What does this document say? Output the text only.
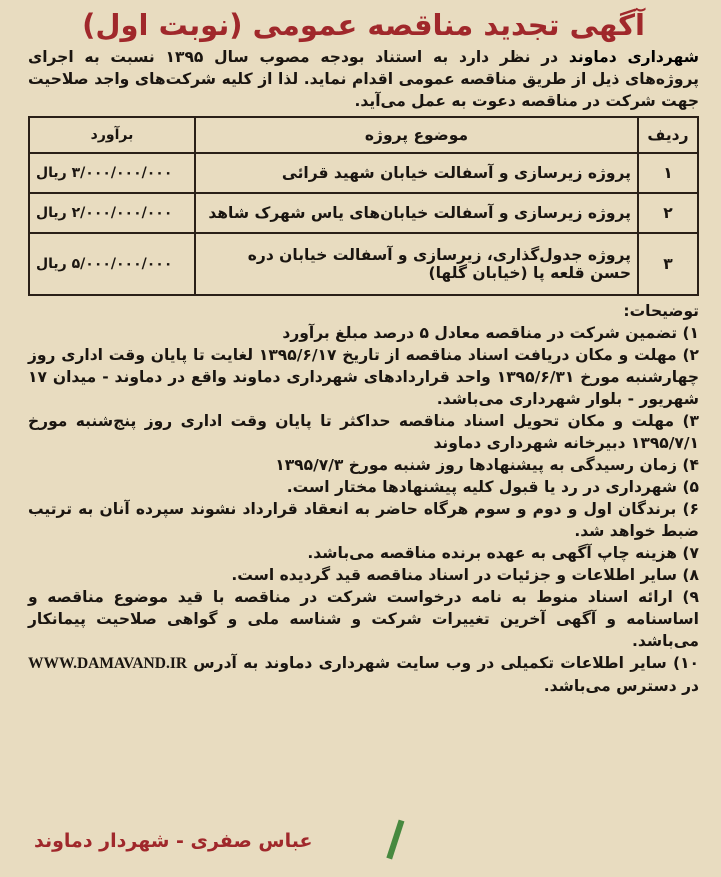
آگهی تجدید مناقصه عمومی (نوبت اول)
شهرداری دماوند در نظر دارد به استناد بودجه مصوب سال ۱۳۹۵ نسبت به اجرای پروژه‌های ذیل از طریق مناقصه عمومی اقدام نماید. لذا از کلیه شرکت‌های واجد صلاحیت جهت شرکت در مناقصه دعوت به عمل می‌آید.
ردیف	موضوع پروژه	برآورد
۱	پروژه زیرسازی و آسفالت خیابان شهید قرائی	۳/۰۰۰/۰۰۰/۰۰۰ ریال
۲	پروژه زیرسازی و آسفالت خیابان‌های یاس شهرک شاهد	۲/۰۰۰/۰۰۰/۰۰۰ ریال
۳	پروژه جدول‌گذاری، زیرسازی و آسفالت خیابان دره حسن قلعه پا (خیابان گلها)	۵/۰۰۰/۰۰۰/۰۰۰ ریال
توضیحات:
۱) تضمین شرکت در مناقصه معادل ۵ درصد مبلغ برآورد
۲) مهلت و مکان دریافت اسناد مناقصه از تاریخ ۱۳۹۵/۶/۱۷ لغایت تا پایان وقت اداری روز چهارشنبه مورخ ۱۳۹۵/۶/۳۱ واحد قراردادهای شهرداری دماوند واقع در دماوند - میدان ۱۷ شهریور - بلوار شهرداری می‌باشد.
۳) مهلت و مکان تحویل اسناد مناقصه حداکثر تا پایان وقت اداری روز پنج‌شنبه مورخ ۱۳۹۵/۷/۱ دبیرخانه شهرداری دماوند
۴) زمان رسیدگی به پیشنهادها روز شنبه مورخ ۱۳۹۵/۷/۳
۵) شهرداری در رد یا قبول کلیه پیشنهادها مختار است.
۶) برندگان اول و دوم و سوم هرگاه حاضر به انعقاد قرارداد نشوند سپرده آنان به ترتیب ضبط خواهد شد.
۷) هزینه چاپ آگهی به عهده برنده مناقصه می‌باشد.
۸) سایر اطلاعات و جزئیات در اسناد مناقصه قید گردیده است.
۹) ارائه اسناد منوط به نامه درخواست شرکت در مناقصه با قید موضوع مناقصه و اساسنامه و آگهی آخرین تغییرات شرکت و شناسه ملی و گواهی صلاحیت پیمانکار می‌باشد.
۱۰) سایر اطلاعات تکمیلی در وب سایت شهرداری دماوند به آدرس WWW.DAMAVAND.IR در دسترس می‌باشد.
عباس صفری - شهردار دماوند
